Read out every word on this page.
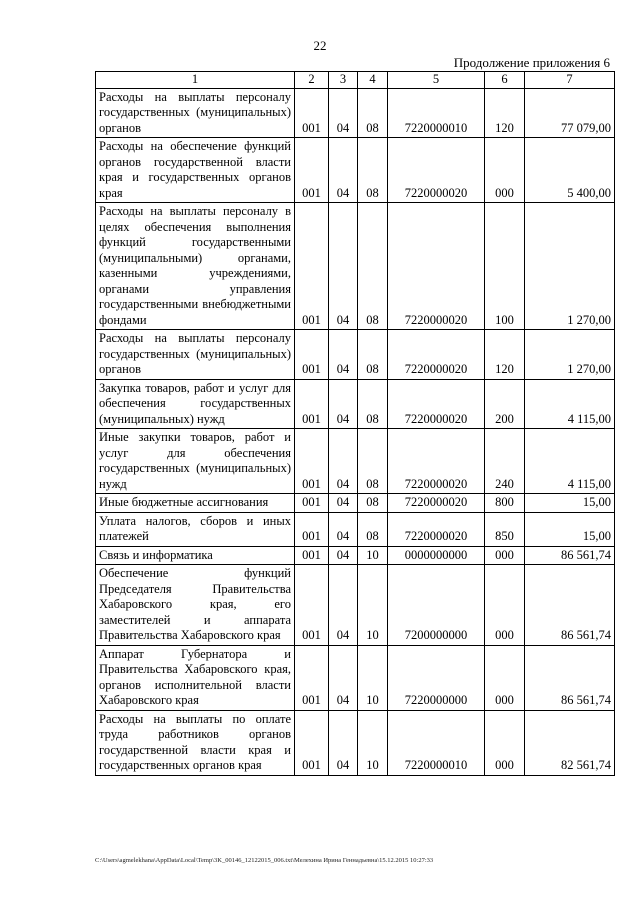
22
Продолжение приложения 6
1	2	3	4	5	6	7
Расходы на выплаты персоналу государственных (муниципальных) органов	001	04	08	7220000010	120	77 079,00
Расходы на обеспечение функций органов государственной власти края и государственных органов края	001	04	08	7220000020	000	5 400,00
Расходы на выплаты персоналу в целях обеспечения выполнения функций государственными (муниципальными) органами, казенными учреждениями, органами управления государственными внебюджетными фондами	001	04	08	7220000020	100	1 270,00
Расходы на выплаты персоналу государственных (муниципальных) органов	001	04	08	7220000020	120	1 270,00
Закупка товаров, работ и услуг для обеспечения государственных (муниципальных) нужд	001	04	08	7220000020	200	4 115,00
Иные закупки товаров, работ и услуг для обеспечения государственных (муниципальных) нужд	001	04	08	7220000020	240	4 115,00
Иные бюджетные ассигнования	001	04	08	7220000020	800	15,00
Уплата налогов, сборов и иных платежей	001	04	08	7220000020	850	15,00
Связь и информатика	001	04	10	0000000000	000	86 561,74
Обеспечение функций Председателя Правительства Хабаровского края, его заместителей и аппарата Правительства Хабаровского края	001	04	10	7200000000	000	86 561,74
Аппарат Губернатора и Правительства Хабаровского края, органов исполнительной власти Хабаровского края	001	04	10	7220000000	000	86 561,74
Расходы на выплаты по оплате труда работников органов государственной власти края и государственных органов края	001	04	10	7220000010	000	82 561,74
C:\Users\agmelekhana\AppData\Local\Temp\3K_00146_12122015_006.txt\Мелехина Ирина Геннадьевна\15.12.2015 10:27:33
